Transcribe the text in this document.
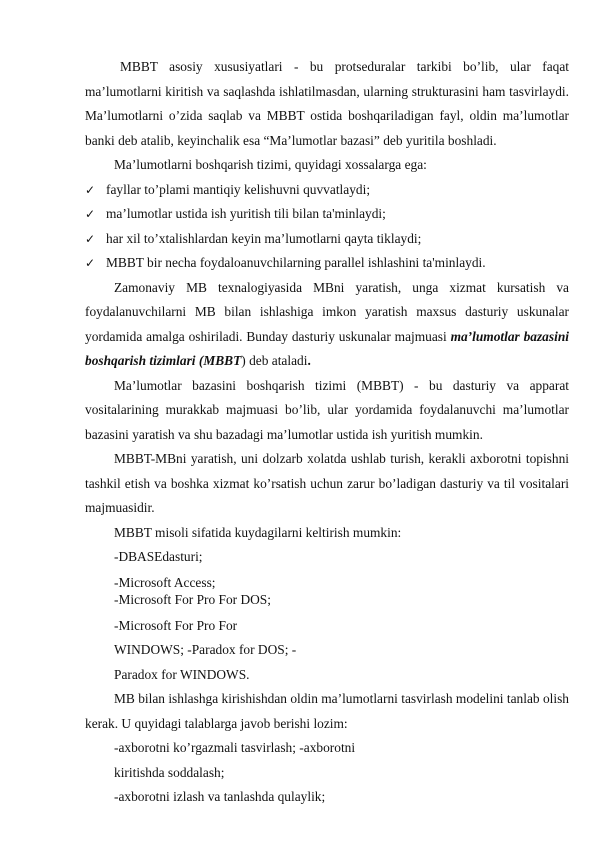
MBBT asosiy xususiyatlari - bu protseduralar tarkibi bo’lib, ular faqat ma’lumotlarni kiritish va saqlashda ishlatilmasdan, ularning strukturasini ham tasvirlaydi. Ma’lumotlarni o’zida saqlab va MBBT ostida boshqariladigan fayl, oldin ma’lumotlar banki deb atalib, keyinchalik esa “Ma’lumotlar bazasi” deb yuritila boshladi.

Ma’lumotlarni boshqarish tizimi, quyidagi xossalarga ega:

✓ fayllar to’plami mantiqiy kelishuvni quvvatlaydi;
✓ ma’lumotlar ustida ish yuritish tili bilan ta'minlaydi;
✓ har xil to’xtalishlardan keyin ma’lumotlarni qayta tiklaydi;
✓ MBBT bir necha foydaloanuvchilarning parallel ishlashini ta'minlaydi.

Zamonaviy MB texnalogiyasida MBni yaratish, unga xizmat kursatish va foydalanuvchilarni MB bilan ishlashiga imkon yaratish maxsus dasturiy uskunalar yordamida amalga oshiriladi. Bunday dasturiy uskunalar majmuasi ma’lumotlar bazasini boshqarish tizimlari (MBBT) deb ataladi.

Ma’lumotlar bazasini boshqarish tizimi (MBBT) - bu dasturiy va apparat vositalarining murakkab majmuasi bo’lib, ular yordamida foydalanuvchi ma’lumotlar bazasini yaratish va shu bazadagi ma’lumotlar ustida ish yuritish mumkin.

MBBT-MBni yaratish, uni dolzarb xolatda ushlab turish, kerakli axborotni topishni tashkil etish va boshka xizmat ko’rsatish uchun zarur bo’ladigan dasturiy va til vositalari majmuasidir.

MBBT misoli sifatida kuydagilarni keltirish mumkin:

-DBASEdasturi;

-Microsoft Access;

-Microsoft For Pro For DOS;

-Microsoft For Pro For

WINDOWS; -Paradox for DOS; -

Paradox for WINDOWS.

MB bilan ishlashga kirishishdan oldin ma’lumotlarni tasvirlash modelini tanlab olish kerak. U quyidagi talablarga javob berishi lozim:

-axborotni ko’rgazmali tasvirlash; -axborotni

kiritishda soddalash;

-axborotni izlash va tanlashda qulaylik;
